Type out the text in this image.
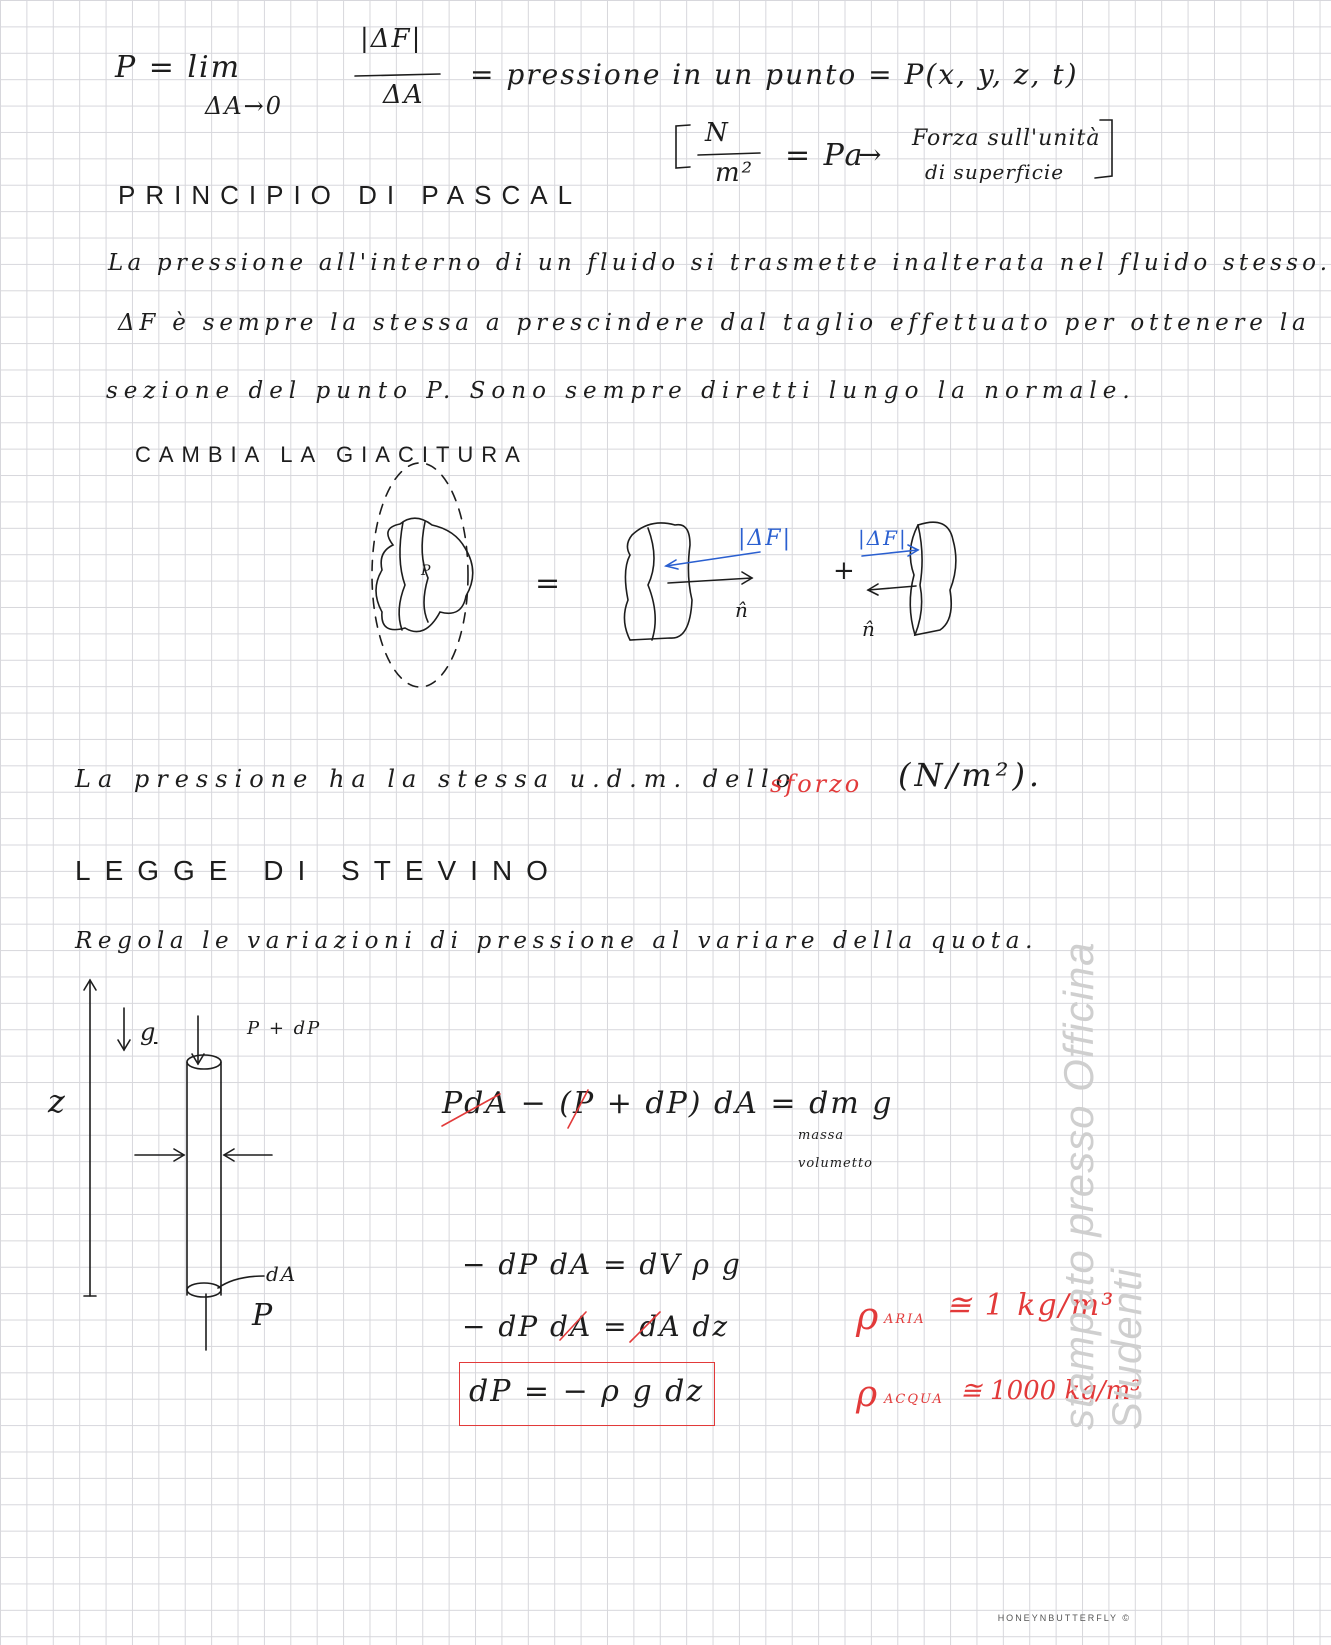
P = lim
ΔA→0
|ΔF|
ΔA
= pressione in un punto = P(x, y, z, t)
N
m² = Pa
→ Forza sull'unità
di superficie
PRINCIPIO DI PASCAL
La pressione all'interno di un fluido si trasmette inalterata nel fluido stesso.
ΔF è sempre la stessa a prescindere dal taglio effettuato per ottenere la
sezione del punto P. Sono sempre diretti lungo la normale.
CAMBIA LA GIACITURA
=	+
|ΔF|	|ΔF|
n̂
n̂
P
La pressione ha la stessa u.d.m. dello
sforzo (N/m²).
LEGGE DI STEVINO
Regola le variazioni di pressione al variare della quota.
g
z
P + dP
dA
P
PdA − (P + dP) dA = dm g
massa
volumetto
− dP dA = dV ρ g
− dP dA = dA dz
dP = − ρ g dz
ρ ARIA ≅ 1 kg/m³
ρ ACQUA ≅ 1000 kg/m³
stampato presso Officina Studenti
HONEYNBUTTERFLY ©
